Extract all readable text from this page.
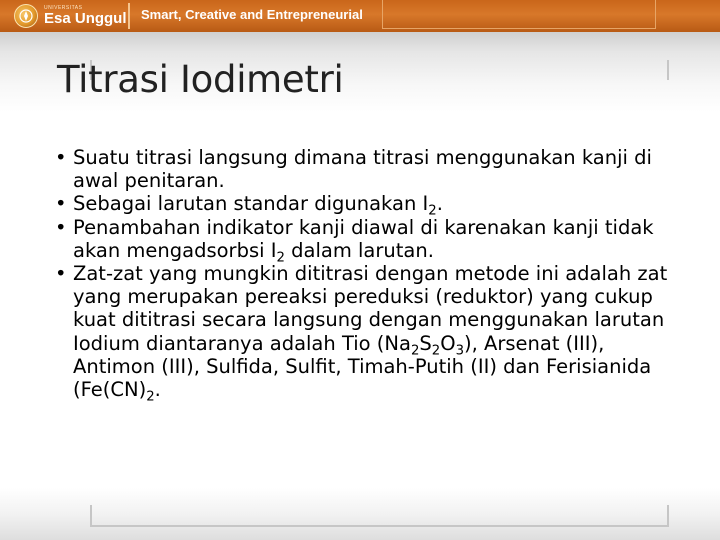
UNIVERSITAS
Esa Unggul Smart, Creative and Entrepreneurial
Titrasi Iodimetri

• Suatu titrasi langsung dimana titrasi menggunakan kanji di awal penitaran.

• Sebagai larutan standar digunakan $I_2$.

• Penambahan indikator kanji diawal di karenakan kanji tidak akan mengadsorbsi $I_2$ dalam larutan.

• Zat-zat yang mungkin dititrasi dengan metode ini adalah zat yang merupakan pereaksi pereduksi (reduktor) yang cukup kuat dititrasi secara langsung dengan menggunakan larutan Iodium diantaranya adalah Tio $(Na_2S_2O_3)$, Arsenat (III), Antimon (III), Sulfida, Sulfit, Timah-Putih (II) dan Ferisianida ($Fe(CN)_2$.
